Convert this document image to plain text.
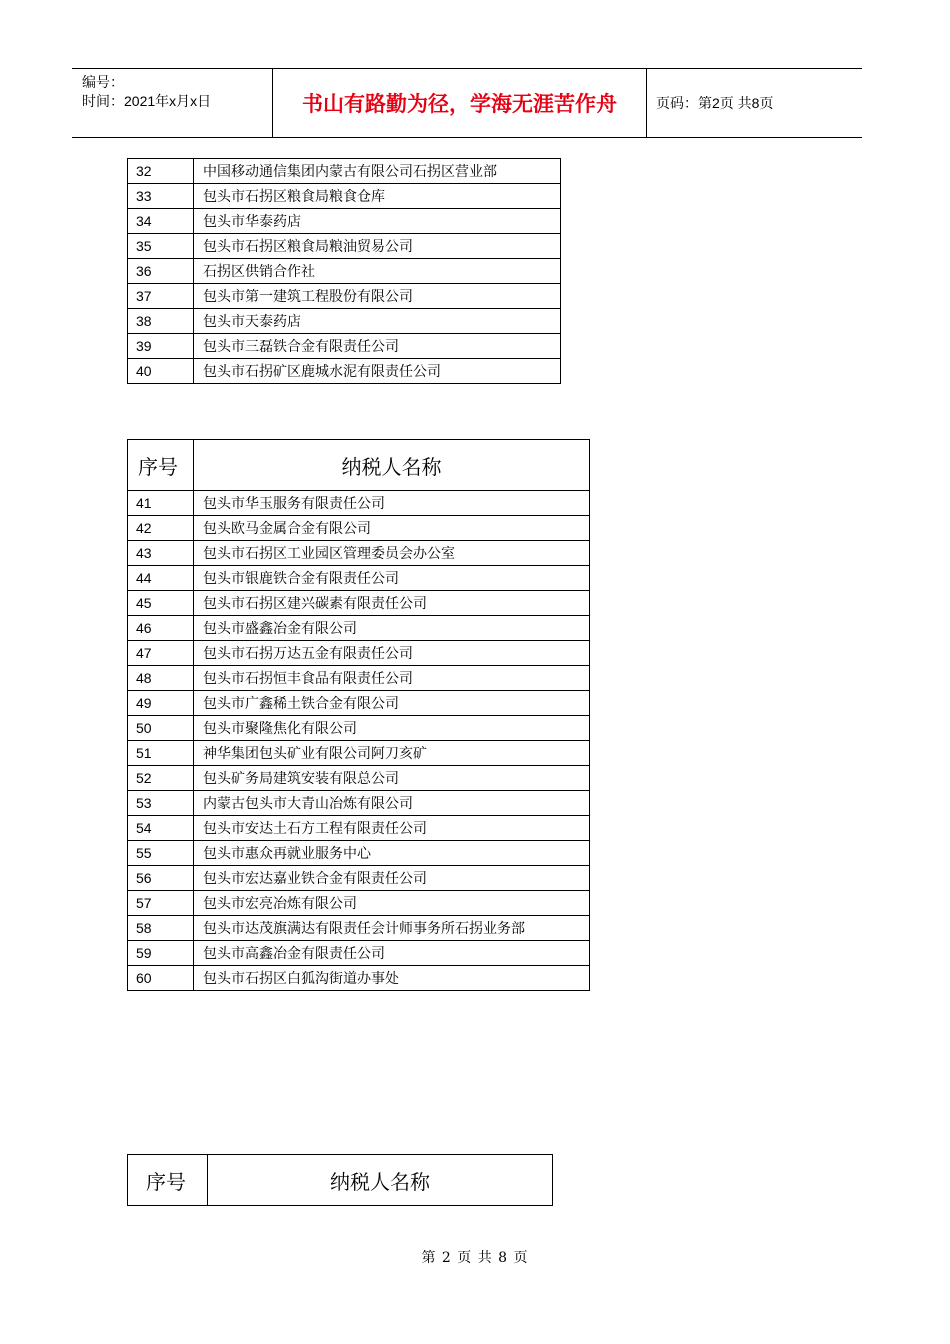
编号：
时间：2021年x月x日	书山有路勤为径，学海无涯苦作舟	页码：第2页 共8页
32	中国移动通信集团内蒙古有限公司石拐区营业部
33	包头市石拐区粮食局粮食仓库
34	包头市华泰药店
35	包头市石拐区粮食局粮油贸易公司
36	石拐区供销合作社
37	包头市第一建筑工程股份有限公司
38	包头市天泰药店
39	包头市三磊铁合金有限责任公司
40	包头市石拐矿区鹿城水泥有限责任公司
序号	纳税人名称
41	包头市华玉服务有限责任公司
42	包头欧马金属合金有限公司
43	包头市石拐区工业园区管理委员会办公室
44	包头市银鹿铁合金有限责任公司
45	包头市石拐区建兴碳素有限责任公司
46	包头市盛鑫冶金有限公司
47	包头市石拐万达五金有限责任公司
48	包头市石拐恒丰食品有限责任公司
49	包头市广鑫稀土铁合金有限公司
50	包头市聚隆焦化有限公司
51	神华集团包头矿业有限公司阿刀亥矿
52	包头矿务局建筑安装有限总公司
53	内蒙古包头市大青山冶炼有限公司
54	包头市安达土石方工程有限责任公司
55	包头市惠众再就业服务中心
56	包头市宏达嘉业铁合金有限责任公司
57	包头市宏亮冶炼有限公司
58	包头市达茂旗满达有限责任会计师事务所石拐业务部
59	包头市高鑫冶金有限责任公司
60	包头市石拐区白狐沟街道办事处
序号	纳税人名称
第 2 页 共 8 页
